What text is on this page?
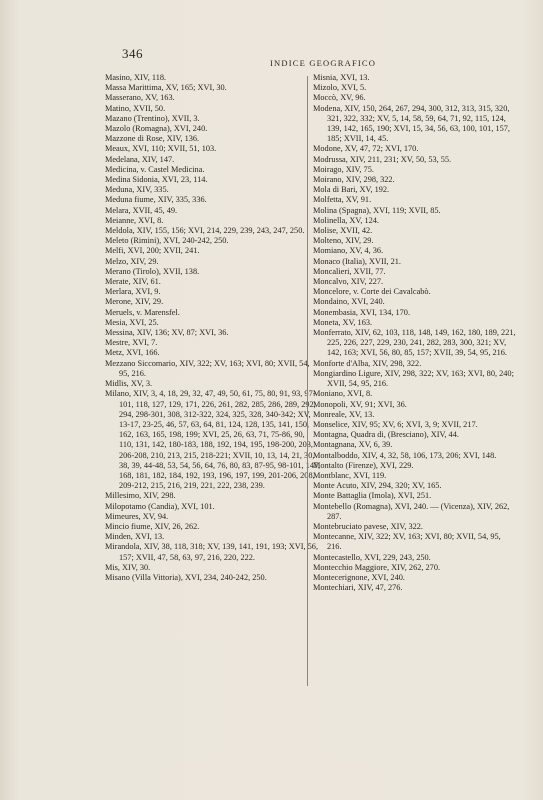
346
INDICE GEOGRAFICO

Masino, XIV, 118.

Massa Marittima, XV, 165; XVI, 30.

Masserano, XV, 163.

Matino, XVII, 50.

Mazano (Trentino), XVII, 3.

Mazolo (Romagna), XVI, 240.

Mazzone di Rose, XIV, 136.

Meaux, XVI, 110; XVII, 51, 103.

Medelana, XIV, 147.

Medicina, v. Castel Medicina.

Medina Sidonia, XVI, 23, 114.

Meduna, XIV, 335.

Meduna fiume, XIV, 335, 336.

Melara, XVII, 45, 49.

Meianne, XVI, 8.

Meldola, XIV, 155, 156; XVI, 214, 229, 239, 243, 247, 250.

Meleto (Rimini), XVI, 240-242, 250.

Melfi, XVI, 200; XVII, 241.

Melzo, XIV, 29.

Merano (Tirolo), XVII, 138.

Merate, XIV, 61.

Merlara, XVI, 9.

Merone, XIV, 29.

Meruels, v. Marensfel.

Mesia, XVI, 25.

Messina, XIV, 136; XV, 87; XVI, 36.

Mestre, XVI, 7.

Metz, XVI, 166.

Mezzano Siccomario, XIV, 322; XV, 163; XVI, 80; XVII, 54, 95, 216.

Midlis, XV, 3.

Milano, XIV, 3, 4, 18, 29, 32, 47, 49, 50, 61, 75, 80, 91, 93, 97-101, 118, 127, 129, 171, 226, 261, 282, 285, 286, 289, 292, 294, 298-301, 308, 312-322, 324, 325, 328, 340-342; XV, 13-17, 23-25, 46, 57, 63, 64, 81, 124, 128, 135, 141, 150, 162, 163, 165, 198, 199; XVI, 25, 26, 63, 71, 75-86, 90, 110, 131, 142, 180-183, 188, 192, 194, 195, 198-200, 203, 206-208, 210, 213, 215, 218-221; XVII, 10, 13, 14, 21, 30, 38, 39, 44-48, 53, 54, 56, 64, 76, 80, 83, 87-95, 98-101, 147, 168, 181, 182, 184, 192, 193, 196, 197, 199, 201-206, 208, 209-212, 215, 216, 219, 221, 222, 238, 239.

Millesimo, XIV, 298.

Milopotamo (Candia), XVI, 101.

Mimeures, XV, 94.

Mincio fiume, XIV, 26, 262.

Minden, XVI, 13.

Mirandola, XIV, 38, 118, 318; XV, 139, 141, 191, 193; XVI, 56, 157; XVII, 47, 58, 63, 97, 216, 220, 222.

Mis, XIV, 30.

Misano (Villa Vittoria), XVI, 234, 240-242, 250.

Misnia, XVI, 13.

Mizolo, XVI, 5.

Moccò, XV, 96.

Modena, XIV, 150, 264, 267, 294, 300, 312, 313, 315, 320, 321, 322, 332; XV, 5, 14, 58, 59, 64, 71, 92, 115, 124, 139, 142, 165, 190; XVI, 15, 34, 56, 63, 100, 101, 157, 185; XVII, 14, 45.

Modone, XV, 47, 72; XVI, 170.

Modrussa, XIV, 211, 231; XV, 50, 53, 55.

Moirago, XIV, 75.

Moirano, XIV, 298, 322.

Mola di Bari, XV, 192.

Molfetta, XV, 91.

Molina (Spagna), XVI, 119; XVII, 85.

Molinella, XV, 124.

Molise, XVII, 42.

Molteno, XIV, 29.

Momiano, XV, 4, 36.

Monaco (Italia), XVII, 21.

Moncalieri, XVII, 77.

Moncalvo, XIV, 227.

Moncelore, v. Corte dei Cavalcabò.

Mondaino, XVI, 240.

Monembasia, XVI, 134, 170.

Moneta, XV, 163.

Monferrato, XIV, 62, 103, 118, 148, 149, 162, 180, 189, 221, 225, 226, 227, 229, 230, 241, 282, 283, 300, 321; XV, 142, 163; XVI, 56, 80, 85, 157; XVII, 39, 54, 95, 216.

Monforte d'Alba, XIV, 298, 322.

Mongiardino Ligure, XIV, 298, 322; XV, 163; XVI, 80, 240; XVII, 54, 95, 216.

Moniano, XVI, 8.

Monopoli, XV, 91; XVI, 36.

Monreale, XV, 13.

Monselice, XIV, 95; XV, 6; XVI, 3, 9; XVII, 217.

Montagna, Quadra di, (Bresciano), XIV, 44.

Montagnana, XV, 6, 39.

Montalboddo, XIV, 4, 32, 58, 106, 173, 206; XVI, 148.

Montalto (Firenze), XVI, 229.

Montblanc, XVI, 119.

Monte Acuto, XIV, 294, 320; XV, 165.

Monte Battaglia (Imola), XVI, 251.

Montebello (Romagna), XVI, 240. — (Vicenza), XIV, 262, 287.

Montebruciato pavese, XIV, 322.

Montecanne, XIV, 322; XV, 163; XVI, 80; XVII, 54, 95, 216.

Montecastello, XVI, 229, 243, 250.

Montecchio Maggiore, XIV, 262, 270.

Montecerignone, XVI, 240.

Montechiari, XIV, 47, 276.
